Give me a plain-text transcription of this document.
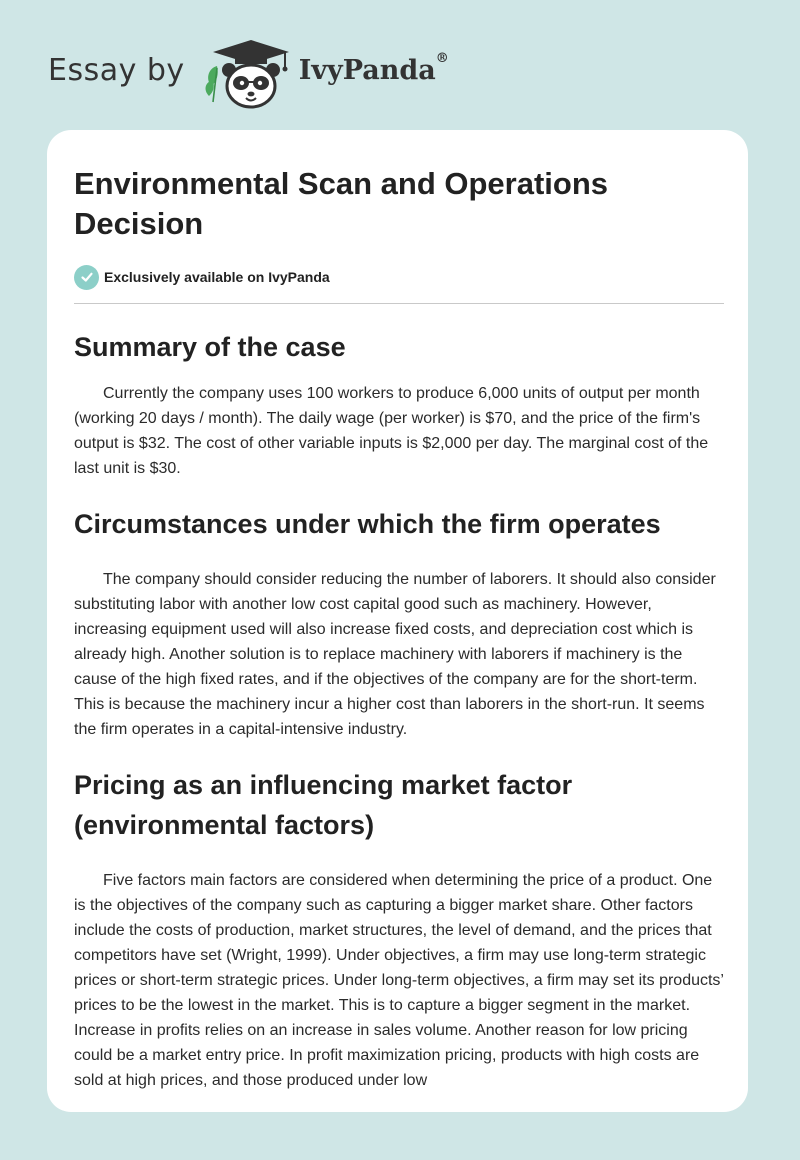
Essay by	IvyPanda®
Environmental Scan and Operations Decision
Exclusively available on IvyPanda
Summary of the case

Currently the company uses 100 workers to produce 6,000 units of output per month (working 20 days / month). The daily wage (per worker) is $70, and the price of the firm's output is $32. The cost of other variable inputs is $2,000 per day. The marginal cost of the last unit is $30.

Circumstances under which the firm operates

The company should consider reducing the number of laborers. It should also consider substituting labor with another low cost capital good such as machinery. However, increasing equipment used will also increase fixed costs, and depreciation cost which is already high. Another solution is to replace machinery with laborers if machinery is the cause of the high fixed rates, and if the objectives of the company are for the short-term. This is because the machinery incur a higher cost than laborers in the short-run. It seems the firm operates in a capital-intensive industry.

Pricing as an influencing market factor (environmental factors)

Five factors main factors are considered when determining the price of a product. One is the objectives of the company such as capturing a bigger market share. Other factors include the costs of production, market structures, the level of demand, and the prices that competitors have set (Wright, 1999). Under objectives, a firm may use long-term strategic prices or short-term strategic prices. Under long-term objectives, a firm may set its products’ prices to be the lowest in the market. This is to capture a bigger segment in the market. Increase in profits relies on an increase in sales volume. Another reason for low pricing could be a market entry price. In profit maximization pricing, products with high costs are sold at high prices, and those produced under low
